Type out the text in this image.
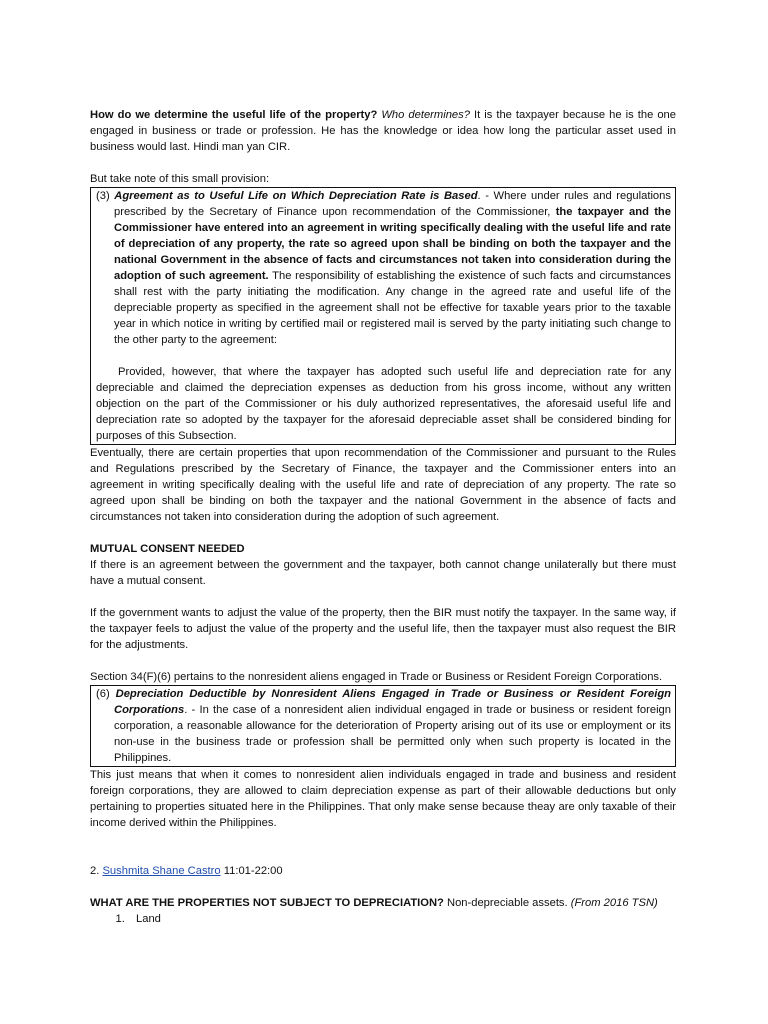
How do we determine the useful life of the property? Who determines? It is the taxpayer because he is the one engaged in business or trade or profession. He has the knowledge or idea how long the particular asset used in business would last. Hindi man yan CIR.

But take note of this small provision:

(3) Agreement as to Useful Life on Which Depreciation Rate is Based. - Where under rules and regulations prescribed by the Secretary of Finance upon recommendation of the Commissioner, the taxpayer and the Commissioner have entered into an agreement in writing specifically dealing with the useful life and rate of depreciation of any property, the rate so agreed upon shall be binding on both the taxpayer and the national Government in the absence of facts and circumstances not taken into consideration during the adoption of such agreement. The responsibility of establishing the existence of such facts and circumstances shall rest with the party initiating the modification. Any change in the agreed rate and useful life of the depreciable property as specified in the agreement shall not be effective for taxable years prior to the taxable year in which notice in writing by certified mail or registered mail is served by the party initiating such change to the other party to the agreement:

Provided, however, that where the taxpayer has adopted such useful life and depreciation rate for any depreciable and claimed the depreciation expenses as deduction from his gross income, without any written objection on the part of the Commissioner or his duly authorized representatives, the aforesaid useful life and depreciation rate so adopted by the taxpayer for the aforesaid depreciable asset shall be considered binding for purposes of this Subsection.

Eventually, there are certain properties that upon recommendation of the Commissioner and pursuant to the Rules and Regulations prescribed by the Secretary of Finance, the taxpayer and the Commissioner enters into an agreement in writing specifically dealing with the useful life and rate of depreciation of any property. The rate so agreed upon shall be binding on both the taxpayer and the national Government in the absence of facts and circumstances not taken into consideration during the adoption of such agreement.

MUTUAL CONSENT NEEDED

If there is an agreement between the government and the taxpayer, both cannot change unilaterally but there must have a mutual consent.

If the government wants to adjust the value of the property, then the BIR must notify the taxpayer. In the same way, if the taxpayer feels to adjust the value of the property and the useful life, then the taxpayer must also request the BIR for the adjustments.

Section 34(F)(6) pertains to the nonresident aliens engaged in Trade or Business or Resident Foreign Corporations.

(6) Depreciation Deductible by Nonresident Aliens Engaged in Trade or Business or Resident Foreign Corporations. - In the case of a nonresident alien individual engaged in trade or business or resident foreign corporation, a reasonable allowance for the deterioration of Property arising out of its use or employment or its non-use in the business trade or profession shall be permitted only when such property is located in the Philippines.

This just means that when it comes to nonresident alien individuals engaged in trade and business and resident foreign corporations, they are allowed to claim depreciation expense as part of their allowable deductions but only pertaining to properties situated here in the Philippines. That only make sense because theay are only taxable of their income derived within the Philippines.

2. Sushmita Shane Castro 11:01-22:00

WHAT ARE THE PROPERTIES NOT SUBJECT TO DEPRECIATION? Non-depreciable assets. (From 2016 TSN)

1. Land
